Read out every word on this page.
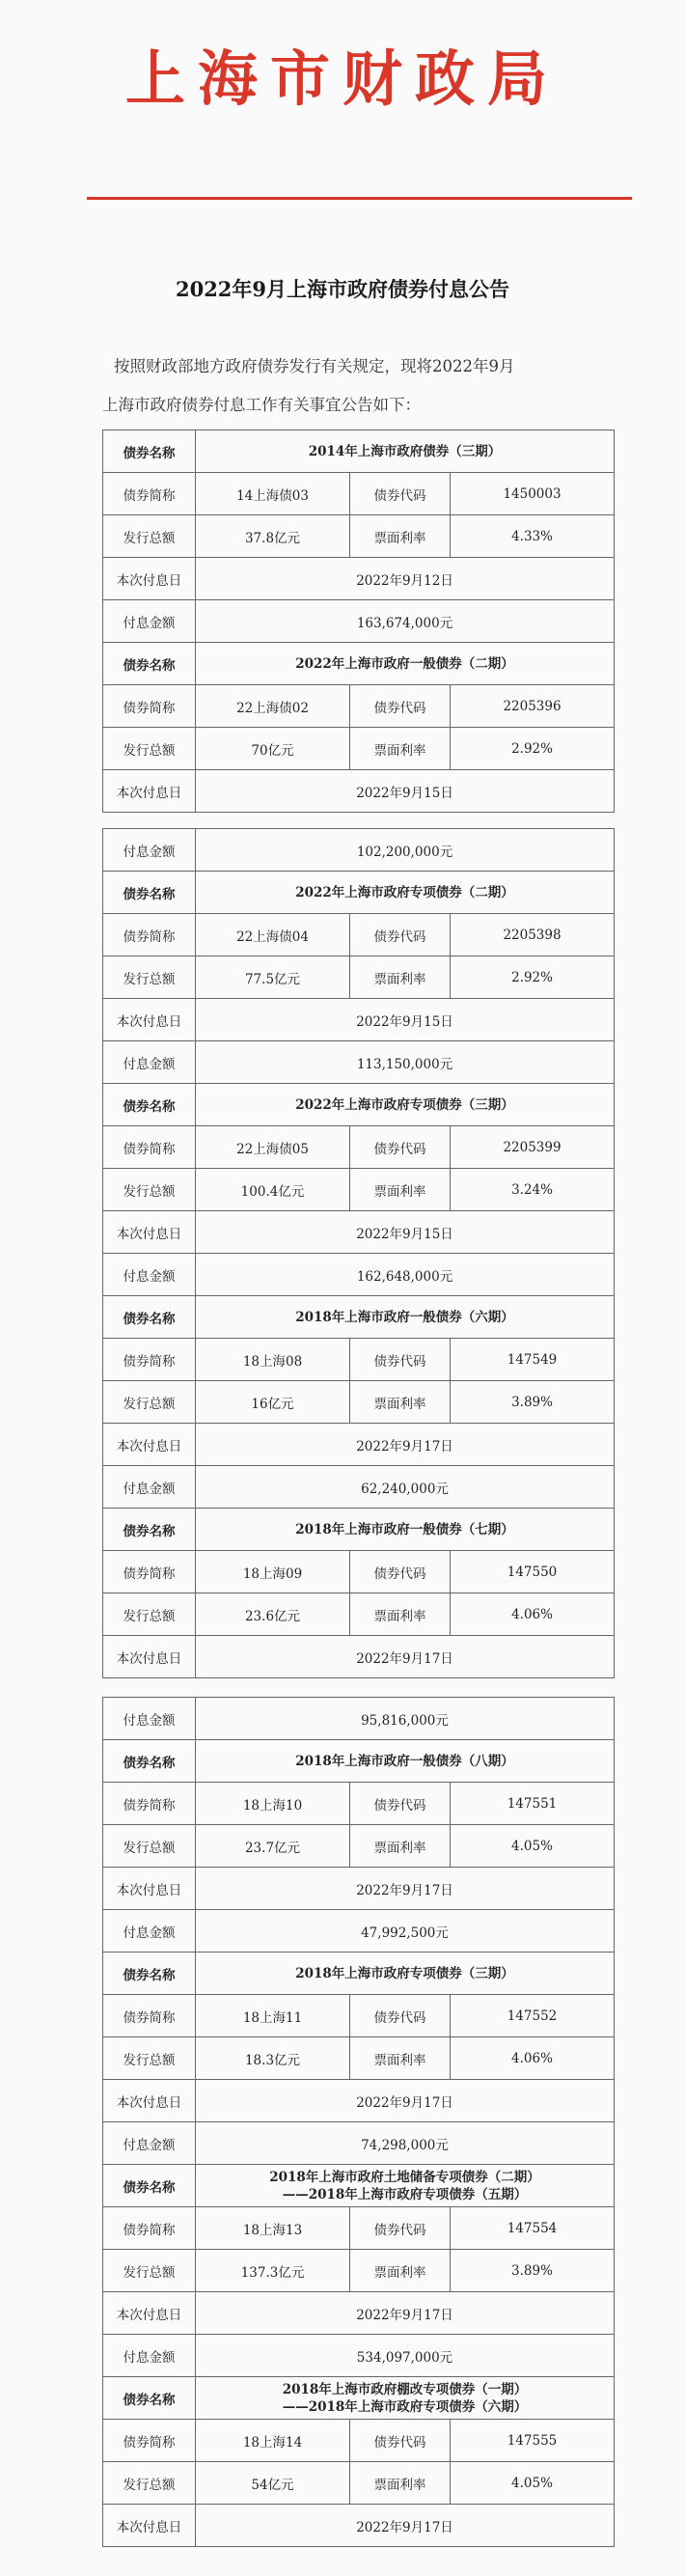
上海市财政局
2022年9月上海市政府债券付息公告
按照财政部地方政府债券发行有关规定，现将2022年9月
上海市政府债券付息工作有关事宜公告如下：
债券名称	2014年上海市政府债券（三期）		
债券简称	14上海债03	债券代码	1450003
发行总额	37.8亿元	票面利率	4.33%
本次付息日	2022年9月12日		
付息金额	163,674,000元		
债券名称	2022年上海市政府一般债券（二期）		
债券简称	22上海债02	债券代码	2205396
发行总额	70亿元	票面利率	2.92%
本次付息日	2022年9月15日		
付息金额	102,200,000元		
债券名称	2022年上海市政府专项债券（二期）		
债券简称	22上海债04	债券代码	2205398
发行总额	77.5亿元	票面利率	2.92%
本次付息日	2022年9月15日		
付息金额	113,150,000元		
债券名称	2022年上海市政府专项债券（三期）		
债券简称	22上海债05	债券代码	2205399
发行总额	100.4亿元	票面利率	3.24%
本次付息日	2022年9月15日		
付息金额	162,648,000元		
债券名称	2018年上海市政府一般债券（六期）		
债券简称	18上海08	债券代码	147549
发行总额	16亿元	票面利率	3.89%
本次付息日	2022年9月17日		
付息金额	62,240,000元		
债券名称	2018年上海市政府一般债券（七期）		
债券简称	18上海09	债券代码	147550
发行总额	23.6亿元	票面利率	4.06%
本次付息日	2022年9月17日		
付息金额	95,816,000元		
债券名称	2018年上海市政府一般债券（八期）		
债券简称	18上海10	债券代码	147551
发行总额	23.7亿元	票面利率	4.05%
本次付息日	2022年9月17日		
付息金额	47,992,500元		
债券名称	2018年上海市政府专项债券（三期）		
债券简称	18上海11	债券代码	147552
发行总额	18.3亿元	票面利率	4.06%
本次付息日	2022年9月17日		
付息金额	74,298,000元		
债券名称	2018年上海市政府土地储备专项债券（二期）
——2018年上海市政府专项债券（五期）		

债券简称	18上海13	债券代码	147554
发行总额	137.3亿元	票面利率	3.89%
本次付息日	2022年9月17日		
付息金额	534,097,000元		
债券名称	2018年上海市政府棚改专项债券（一期）
——2018年上海市政府专项债券（六期）		

债券简称	18上海14	债券代码	147555
发行总额	54亿元	票面利率	4.05%
本次付息日	2022年9月17日		
